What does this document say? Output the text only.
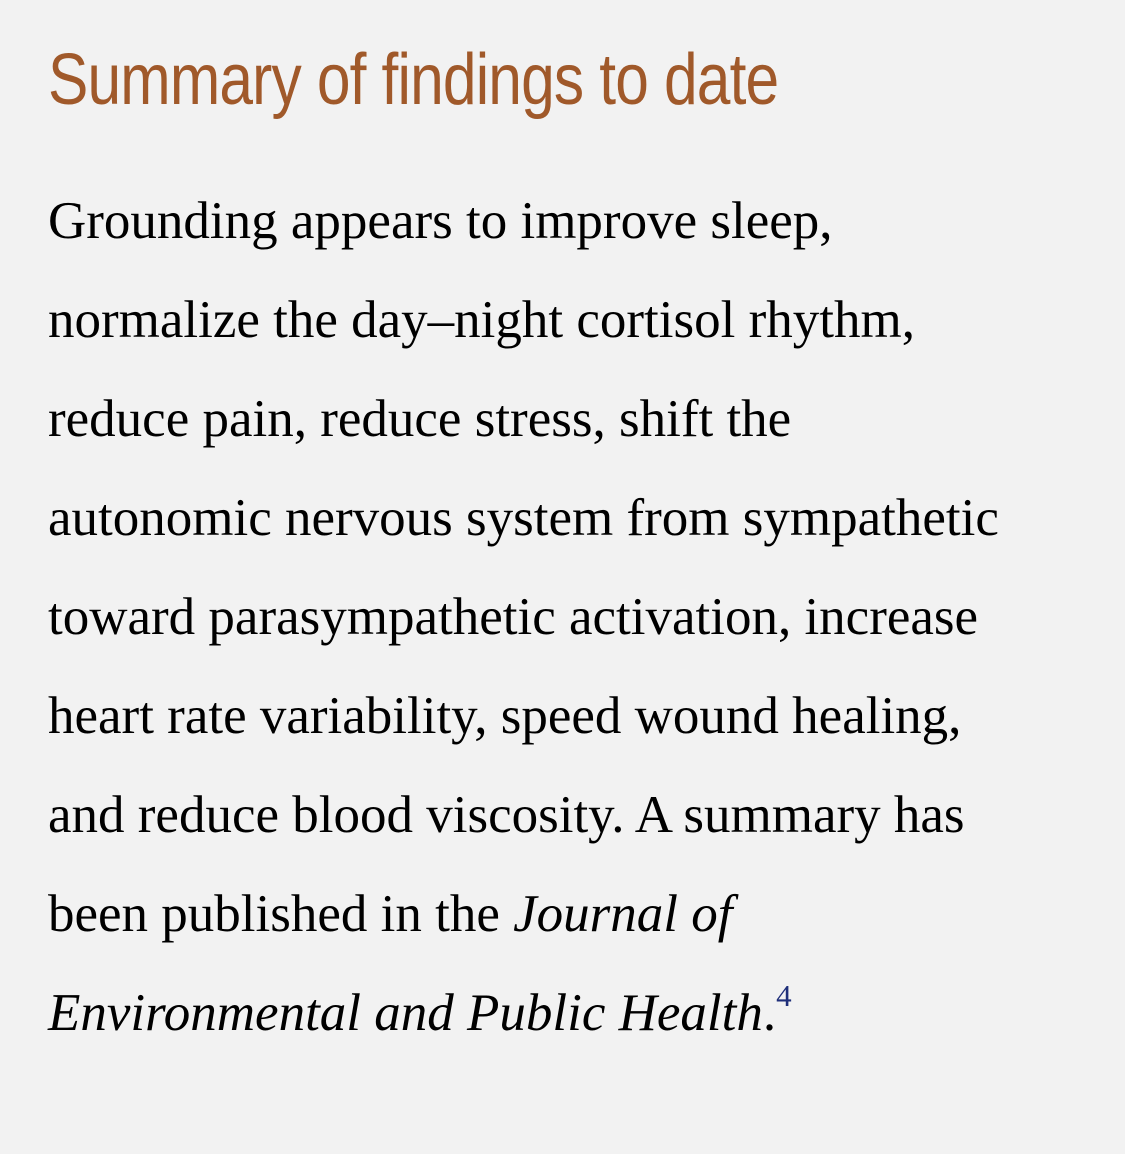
Summary of findings to date

Grounding appears to improve sleep,
normalize the day–night cortisol rhythm,
reduce pain, reduce stress, shift the
autonomic nervous system from sympathetic
toward parasympathetic activation, increase
heart rate variability, speed wound healing,
and reduce blood viscosity. A summary has
been published in the Journal of
Environmental and Public Health.$^4$
